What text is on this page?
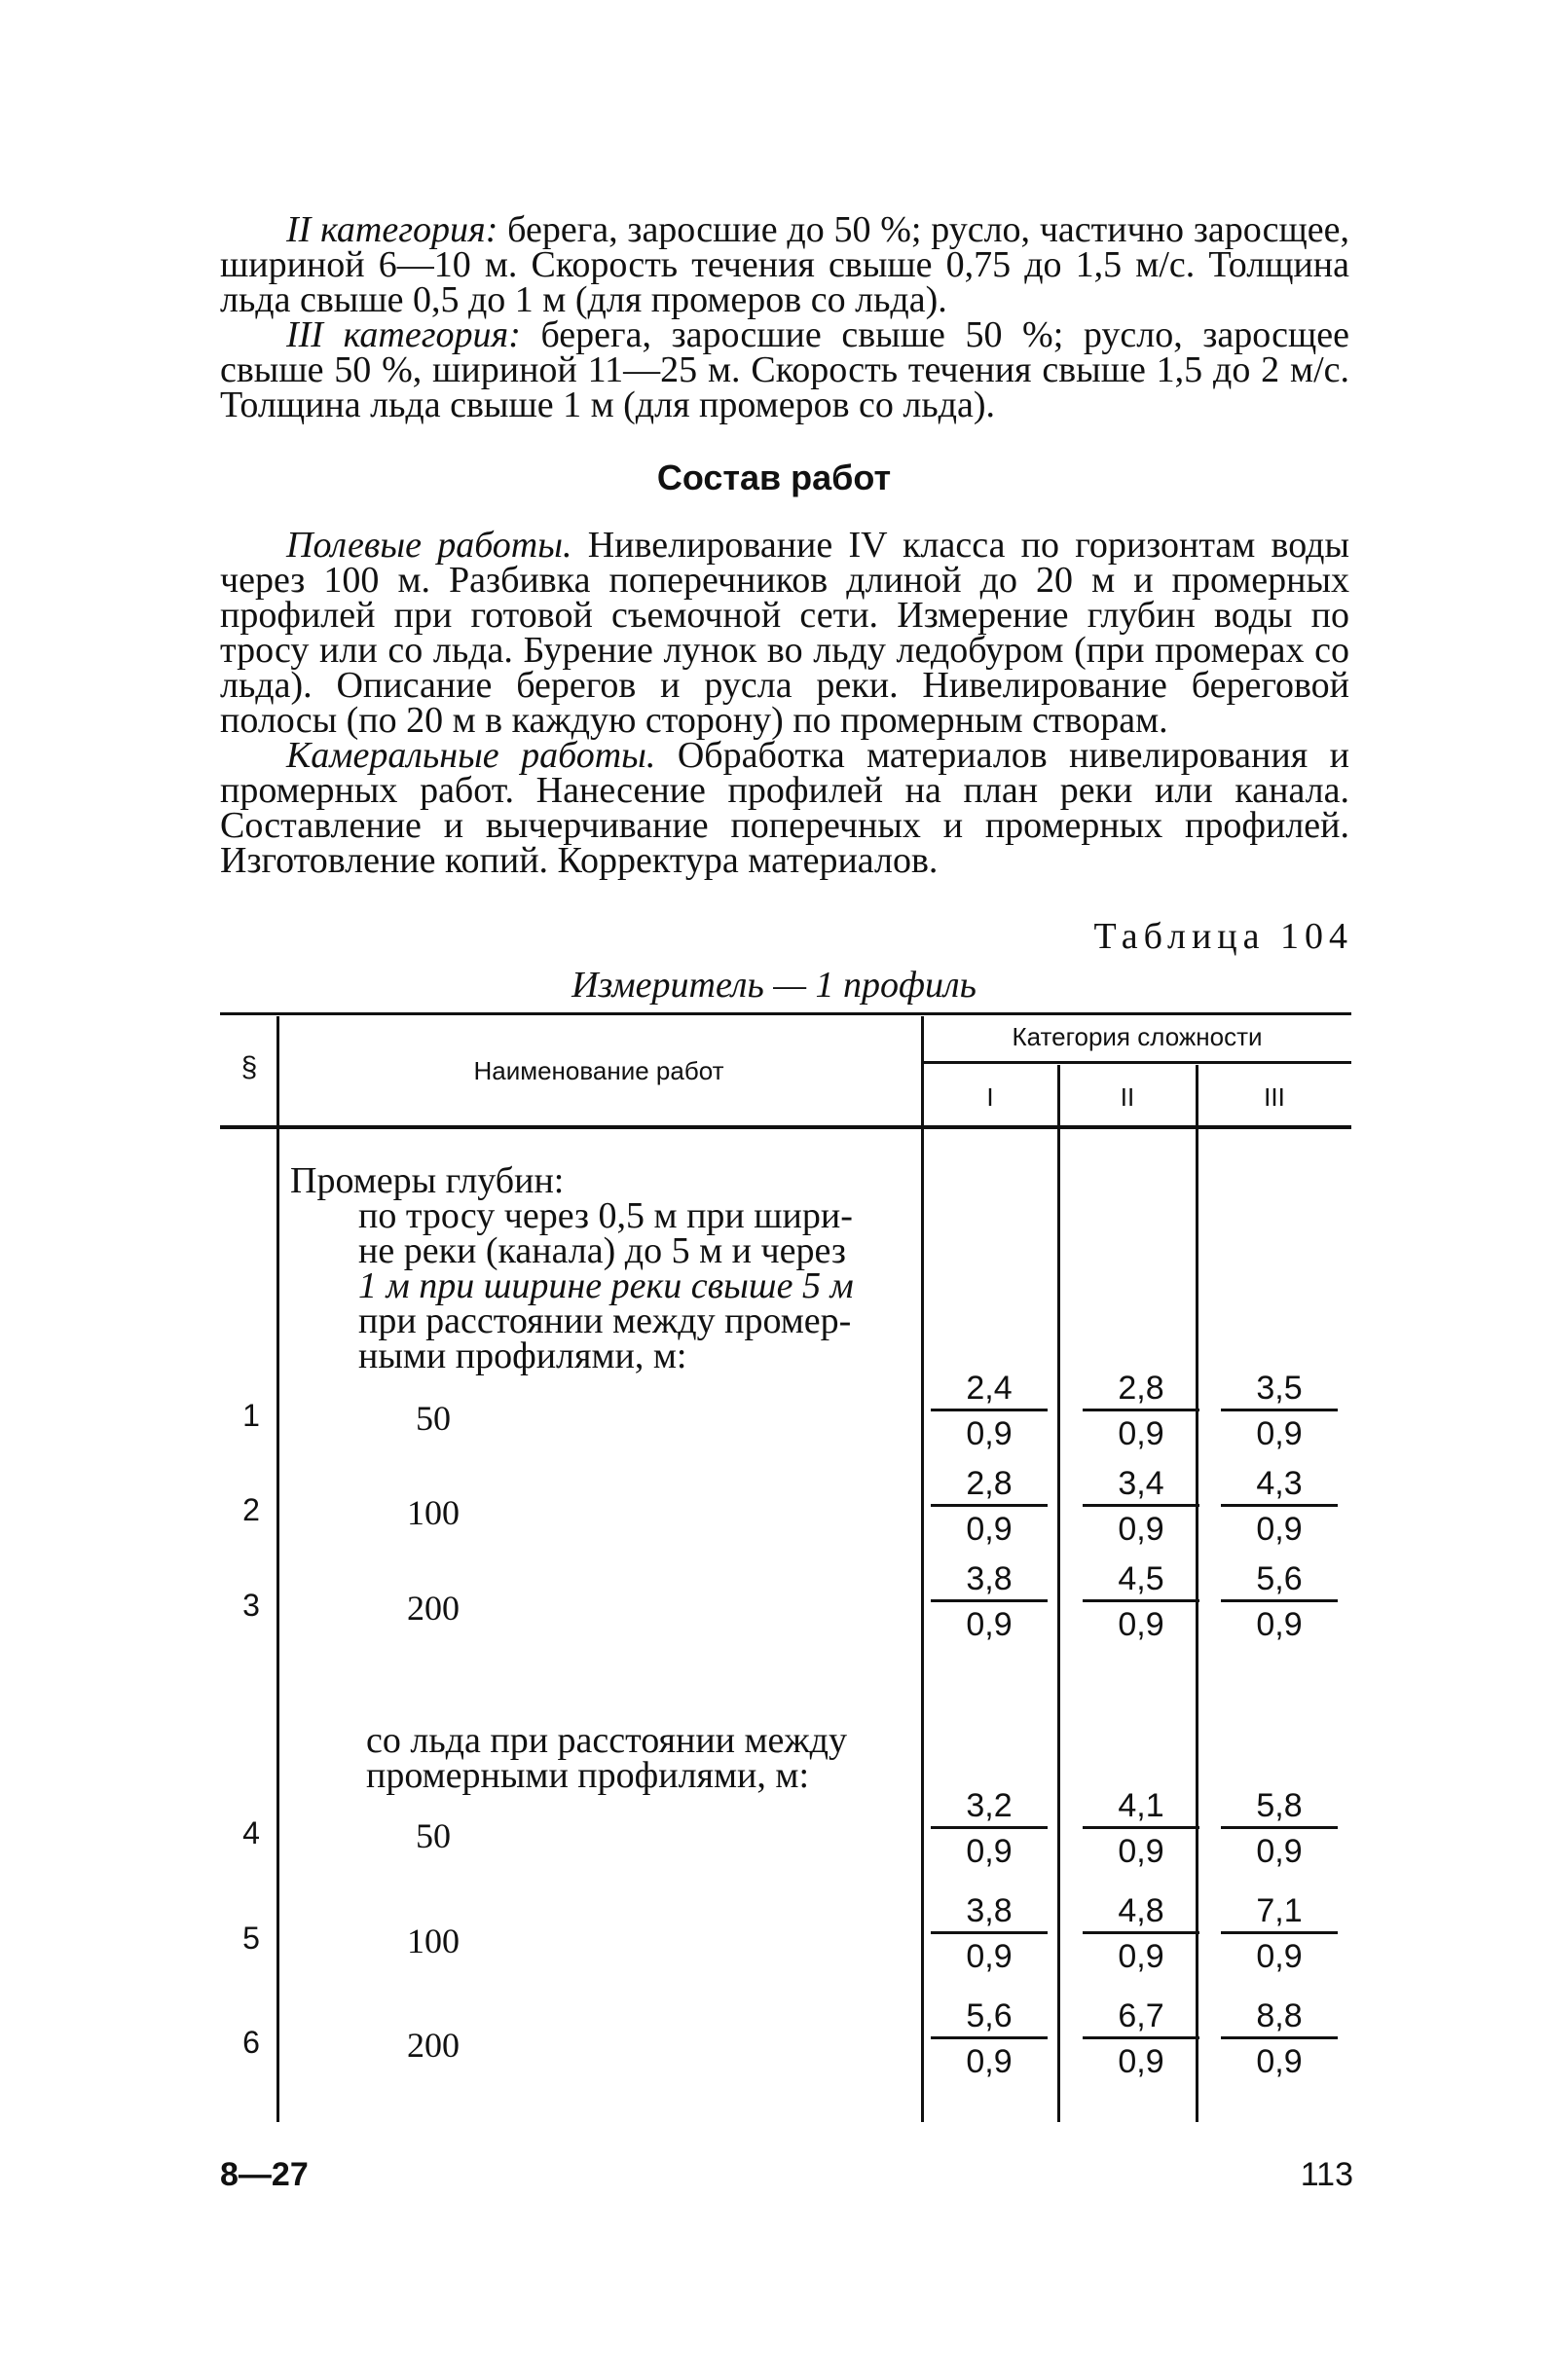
II категория: берега, заросшие до 50 %; русло, частично заросщее, шириной 6—10 м. Скорость течения свыше 0,75 до 1,5 м/с. Толщина льда свыше 0,5 до 1 м (для промеров со льда).

III категория: берега, заросшие свыше 50 %; русло, заросщее свыше 50 %, шириной 11—25 м. Скорость течения свыше 1,5 до 2 м/с. Толщина льда свыше 1 м (для промеров со льда).

Состав работ

Полевые работы. Нивелирование IV класса по горизонтам воды через 100 м. Разбивка поперечников длиной до 20 м и промерных профилей при готовой съемочной сети. Измерение глубин воды по тросу или со льда. Бурение лунок во льду ледобуром (при промерах со льда). Описание берегов и русла реки. Нивелирование береговой полосы (по 20 м в каждую сторону) по промерным створам.

Камеральные работы. Обработка материалов нивелирования и промерных работ. Нанесение профилей на план реки или канала. Составление и вычерчивание поперечных и промерных профилей. Изготовление копий. Корректура материалов.

Таблица 104
Измеритель — 1 профиль
§	Наименование работ
Категория сложности
I	II	III
Промеры глубин:
по тросу через 0,5 м при шири-
не реки (канала) до 5 м и через
1 м при ширине реки свыше 5 м
при расстоянии между промер-
ными профилями, м:
со льда при расстоянии между
промерными профилями, м:
1	50	$\frac{2,4}{0,9} \frac{2,8}{0,9} \frac{3,5}{0,9}$
2	100	$\frac{2,8}{0,9} \frac{3,4}{0,9} \frac{4,3}{0,9}$
3	200	$\frac{3,8}{0,9} \frac{4,5}{0,9} \frac{5,6}{0,9}$
4	50	$\frac{3,2}{0,9} \frac{4,1}{0,9} \frac{5,8}{0,9}$
5	100	$\frac{3,8}{0,9} \frac{4,8}{0,9} \frac{7,1}{0,9}$
6	200	$\frac{5,6}{0,9} \frac{6,7}{0,9} \frac{8,8}{0,9}$
8—27	113
